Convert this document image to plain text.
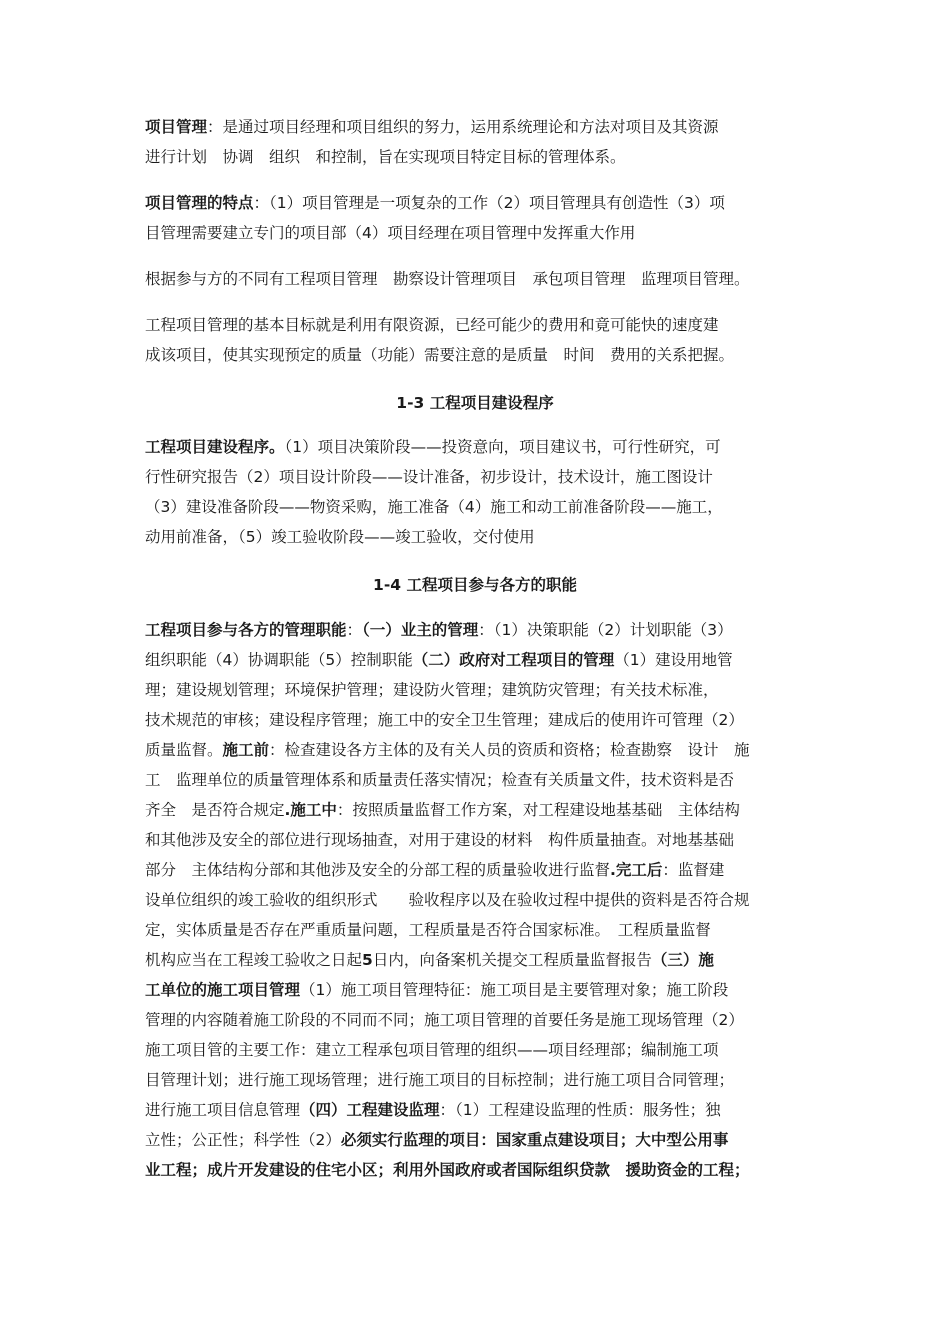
项目管理：是通过项目经理和项目组织的努力，运用系统理论和方法对项目及其资源
进行计划　协调　组织　和控制，旨在实现项目特定目标的管理体系。
项目管理的特点：（1）项目管理是一项复杂的工作（2）项目管理具有创造性（3）项
目管理需要建立专门的项目部（4）项目经理在项目管理中发挥重大作用
根据参与方的不同有工程项目管理　勘察设计管理项目　承包项目管理　监理项目管理。
工程项目管理的基本目标就是利用有限资源，已经可能少的费用和竟可能快的速度建
成该项目，使其实现预定的质量（功能）需要注意的是质量　时间　费用的关系把握。
1-3 工程项目建设程序
工程项目建设程序。（1）项目决策阶段——投资意向，项目建议书，可行性研究，可
行性研究报告（2）项目设计阶段——设计准备，初步设计，技术设计，施工图设计
（3）建设准备阶段——物资采购，施工准备（4）施工和动工前准备阶段——施工，
动用前准备，（5）竣工验收阶段——竣工验收，交付使用
1-4 工程项目参与各方的职能
工程项目参与各方的管理职能：（一）业主的管理：（1）决策职能（2）计划职能（3）
组织职能（4）协调职能（5）控制职能（二）政府对工程项目的管理（1）建设用地管
理；建设规划管理；环境保护管理；建设防火管理；建筑防灾管理；有关技术标准，
技术规范的审核；建设程序管理；施工中的安全卫生管理；建成后的使用许可管理（2）
质量监督。施工前：检查建设各方主体的及有关人员的资质和资格；检查勘察　设计　施
工　监理单位的质量管理体系和质量责任落实情况；检查有关质量文件，技术资料是否
齐全　是否符合规定.施工中：按照质量监督工作方案，对工程建设地基基础　主体结构
和其他涉及安全的部位进行现场抽查，对用于建设的材料　构件质量抽查。对地基基础
部分　主体结构分部和其他涉及安全的分部工程的质量验收进行监督.完工后：监督建
设单位组织的竣工验收的组织形式　　验收程序以及在验收过程中提供的资料是否符合规
定，实体质量是否存在严重质量问题，工程质量是否符合国家标准。　工程质量监督
机构应当在工程竣工验收之日起5日内，向备案机关提交工程质量监督报告（三）施
工单位的施工项目管理（1）施工项目管理特征：施工项目是主要管理对象；施工阶段
管理的内容随着施工阶段的不同而不同；施工项目管理的首要任务是施工现场管理（2）
施工项目管的主要工作：建立工程承包项目管理的组织——项目经理部；编制施工项
目管理计划；进行施工现场管理；进行施工项目的目标控制；进行施工项目合同管理；
进行施工项目信息管理（四）工程建设监理：（1）工程建设监理的性质：服务性；独
立性；公正性；科学性（2）必须实行监理的项目：国家重点建设项目；大中型公用事
业工程；成片开发建设的住宅小区；利用外国政府或者国际组织贷款　援助资金的工程；
